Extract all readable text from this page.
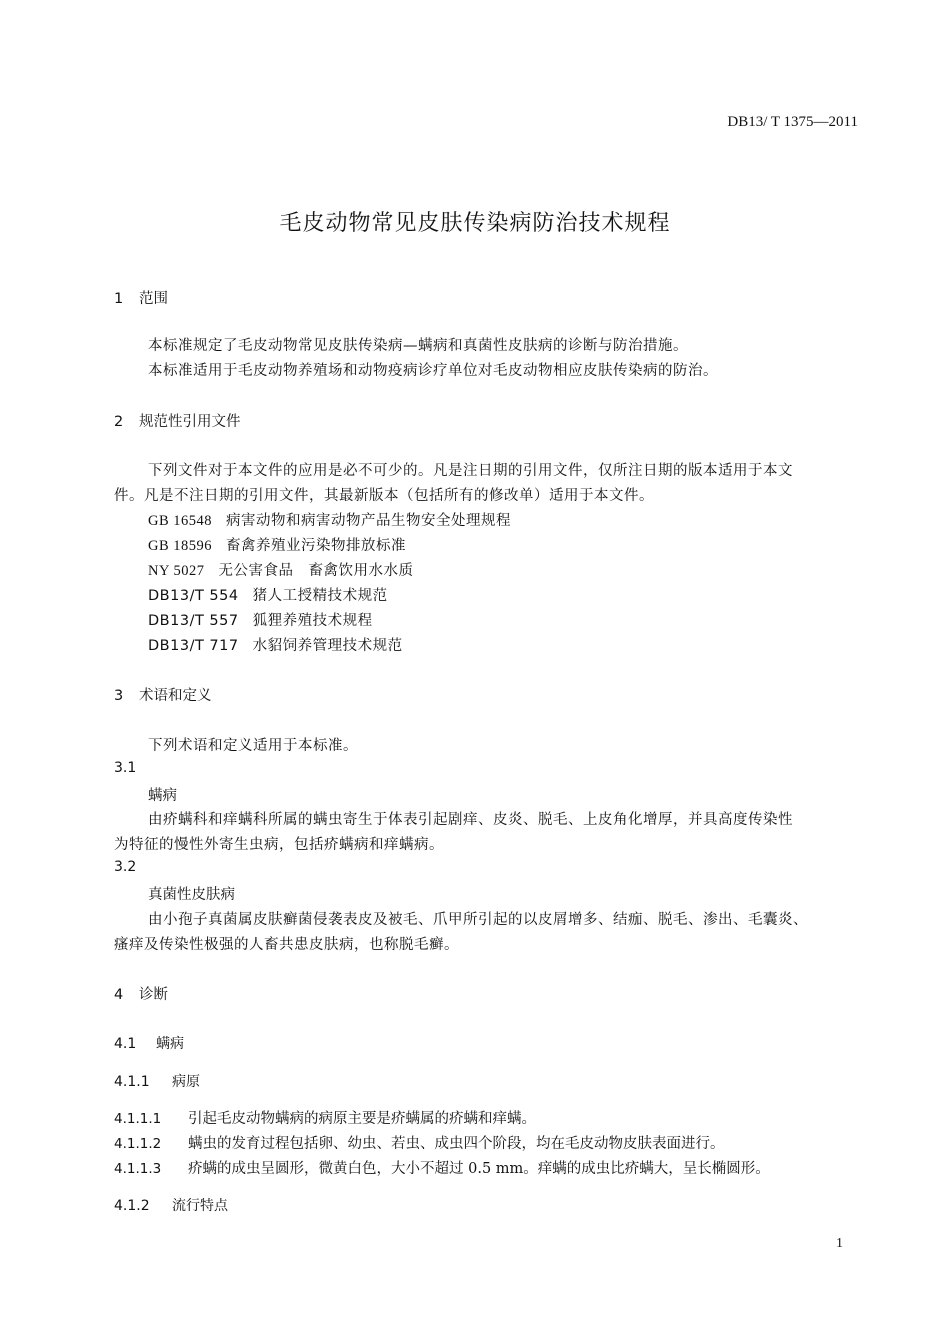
DB13/ T 1375—2011
毛皮动物常见皮肤传染病防治技术规程
1 范围
本标准规定了毛皮动物常见皮肤传染病—螨病和真菌性皮肤病的诊断与防治措施。
本标准适用于毛皮动物养殖场和动物疫病诊疗单位对毛皮动物相应皮肤传染病的防治。
2 规范性引用文件
下列文件对于本文件的应用是必不可少的。凡是注日期的引用文件，仅所注日期的版本适用于本文
件。凡是不注日期的引用文件，其最新版本（包括所有的修改单）适用于本文件。
GB 16548 病害动物和病害动物产品生物安全处理规程
GB 18596 畜禽养殖业污染物排放标准
NY 5027 无公害食品　畜禽饮用水水质
DB13/T 554 猪人工授精技术规范
DB13/T 557 狐狸养殖技术规程
DB13/T 717 水貂饲养管理技术规范
3 术语和定义
下列术语和定义适用于本标准。
3.1
螨病
由疥螨科和痒螨科所属的螨虫寄生于体表引起剧痒、皮炎、脱毛、上皮角化增厚，并具高度传染性
为特征的慢性外寄生虫病，包括疥螨病和痒螨病。
3.2
真菌性皮肤病
由小孢子真菌属皮肤癣菌侵袭表皮及被毛、爪甲所引起的以皮屑增多、结痂、脱毛、渗出、毛囊炎、
瘙痒及传染性极强的人畜共患皮肤病，也称脱毛癣。
4 诊断
4.1 螨病
4.1.1 病原
4.1.1.1 引起毛皮动物螨病的病原主要是疥螨属的疥螨和痒螨。
4.1.1.2 螨虫的发育过程包括卵、幼虫、若虫、成虫四个阶段，均在毛皮动物皮肤表面进行。
4.1.1.3 疥螨的成虫呈圆形，微黄白色，大小不超过 0.5 mm。痒螨的成虫比疥螨大，呈长椭圆形。
4.1.2 流行特点
1
